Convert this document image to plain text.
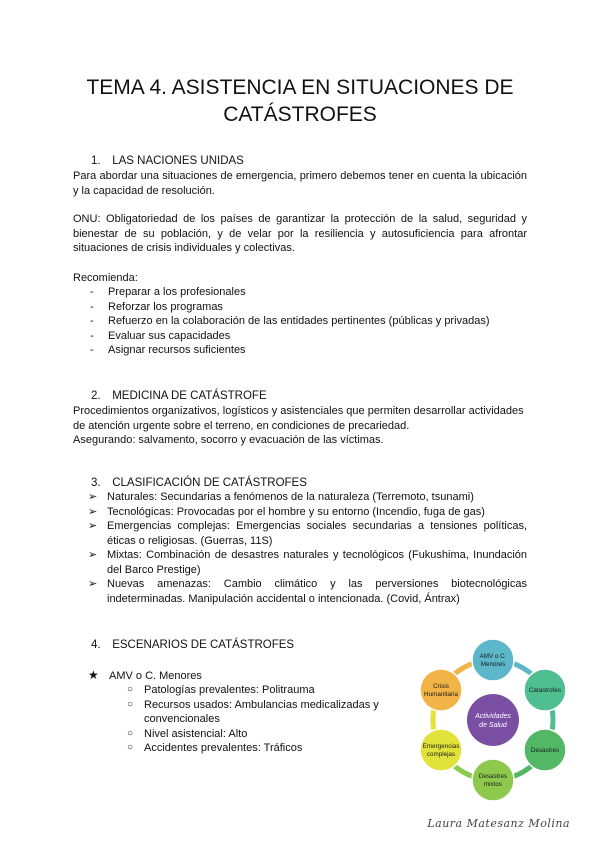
TEMA 4. ASISTENCIA EN SITUACIONES DE
CATÁSTROFES
1. LAS NACIONES UNIDAS

Para abordar una situaciones de emergencia, primero debemos tener en cuenta la ubicación y la capacidad de resolución.

ONU: Obligatoriedad de los países de garantizar la protección de la salud, seguridad y bienestar de su población, y de velar por la resiliencia y autosuficiencia para afrontar situaciones de crisis individuales y colectivas.

Recomienda:

- Preparar a los profesionales
- Reforzar los programas
- Refuerzo en la colaboración de las entidades pertinentes (públicas y privadas)
- Evaluar sus capacidades
- Asignar recursos suficientes
2. MEDICINA DE CATÁSTROFE

Procedimientos organizativos, logísticos y asistenciales que permiten desarrollar actividades de atención urgente sobre el terreno, en condiciones de precariedad.

Asegurando: salvamento, socorro y evacuación de las víctimas.

3. CLASIFICACIÓN DE CATÁSTROFES
➢ Naturales: Secundarias a fenómenos de la naturaleza (Terremoto, tsunami)
➢ Tecnológicas: Provocadas por el hombre y su entorno (Incendio, fuga de gas)
➢ Emergencias complejas: Emergencias sociales secundarias a tensiones políticas, éticas o religiosas. (Guerras, 11S)
➢ Mixtas: Combinación de desastres naturales y tecnológicos (Fukushima, Inundación del Barco Prestige)
➢ Nuevas amenazas: Cambio climático y las perversiones biotecnológicas indeterminadas. Manipulación accidental o intencionada. (Covid, Ántrax)
4. ESCENARIOS DE CATÁSTROFES
★ AMV o C. Menores
○ Patologías prevalentes: Politrauma
○ Recursos usados: Ambulancias medicalizadas y convencionales
○ Nivel asistencial: Alto
○ Accidentes prevalentes: Tráficos
AMV o C.
Menores
Catastrofes
Desastres
Desastres
mixtos
Emergencias
complejas
Crisis
Humanitaria
Actividades
de Salud
Laura Matesanz Molina
